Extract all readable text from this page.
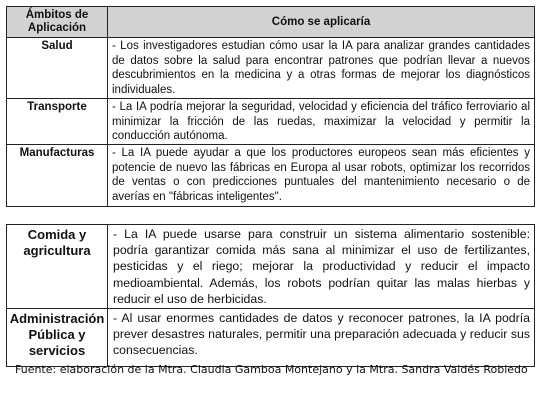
Ámbitos de Aplicación	Cómo se aplicaría
Salud	- Los investigadores estudian cómo usar la IA para analizar grandes cantidades de datos sobre la salud para encontrar patrones que podrían llevar a nuevos descubrimientos en la medicina y a otras formas de mejorar los diagnósticos individuales.
Transporte	- La IA podría mejorar la seguridad, velocidad y eficiencia del tráfico ferroviario al minimizar la fricción de las ruedas, maximizar la velocidad y permitir la conducción autónoma.
Manufacturas	- La IA puede ayudar a que los productores europeos sean más eficientes y potencie de nuevo las fábricas en Europa al usar robots, optimizar los recorridos de ventas o con predicciones puntuales del mantenimiento necesario o de averías en "fábricas inteligentes".
Comida y agricultura	- La IA puede usarse para construir un sistema alimentario sostenible: podría garantizar comida más sana al minimizar el uso de fertilizantes, pesticidas y el riego; mejorar la productividad y reducir el impacto medioambiental. Además, los robots podrían quitar las malas hierbas y reducir el uso de herbicidas.
Administración Pública y servicios	- Al usar enormes cantidades de datos y reconocer patrones, la IA podría prever desastres naturales, permitir una preparación adecuada y reducir sus consecuencias.
Fuente: elaboración de la Mtra. Claudia Gamboa Montejano y la Mtra. Sandra Valdés Robledo
